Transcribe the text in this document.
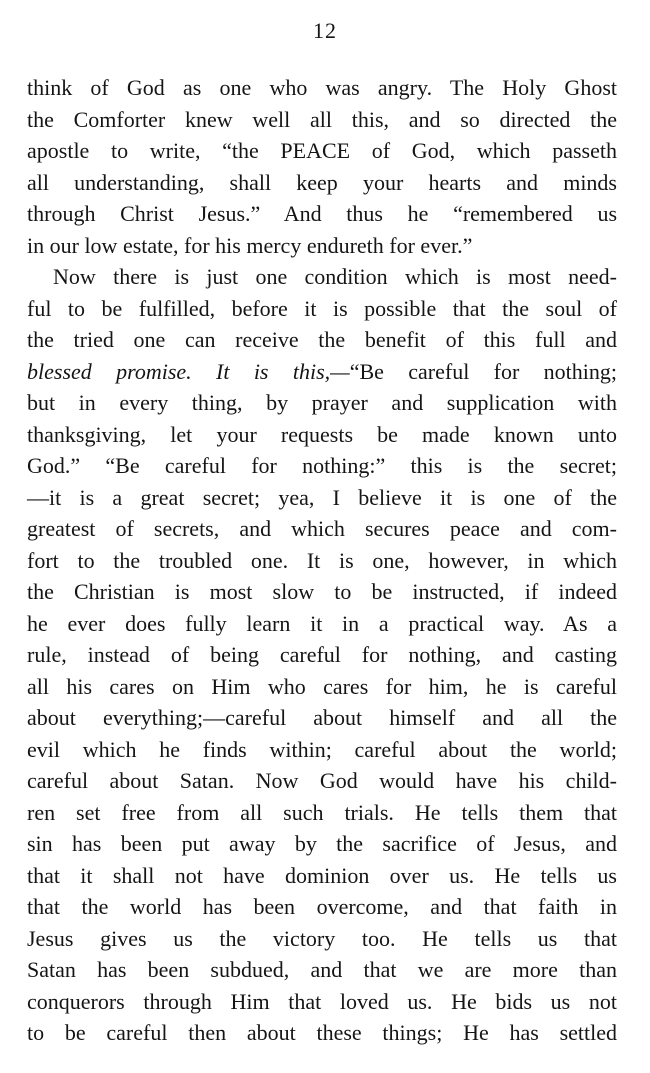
12
think of God as one who was angry. The Holy Ghost
the Comforter knew well all this, and so directed the
apostle to write, “the PEACE of God, which passeth
all understanding, shall keep your hearts and minds
through Christ Jesus.” And thus he “remembered us
in our low estate, for his mercy endureth for ever.”
Now there is just one condition which is most need-
ful to be fulfilled, before it is possible that the soul of
the tried one can receive the benefit of this full and
blessed promise. It is this,—“Be careful for nothing;
but in every thing, by prayer and supplication with
thanksgiving, let your requests be made known unto
God.” “Be careful for nothing:” this is the secret;
—it is a great secret; yea, I believe it is one of the
greatest of secrets, and which secures peace and com-
fort to the troubled one. It is one, however, in which
the Christian is most slow to be instructed, if indeed
he ever does fully learn it in a practical way. As a
rule, instead of being careful for nothing, and casting
all his cares on Him who cares for him, he is careful
about everything;—careful about himself and all the
evil which he finds within; careful about the world;
careful about Satan. Now God would have his child-
ren set free from all such trials. He tells them that
sin has been put away by the sacrifice of Jesus, and
that it shall not have dominion over us. He tells us
that the world has been overcome, and that faith in
Jesus gives us the victory too. He tells us that
Satan has been subdued, and that we are more than
conquerors through Him that loved us. He bids us not
to be careful then about these things; He has settled
